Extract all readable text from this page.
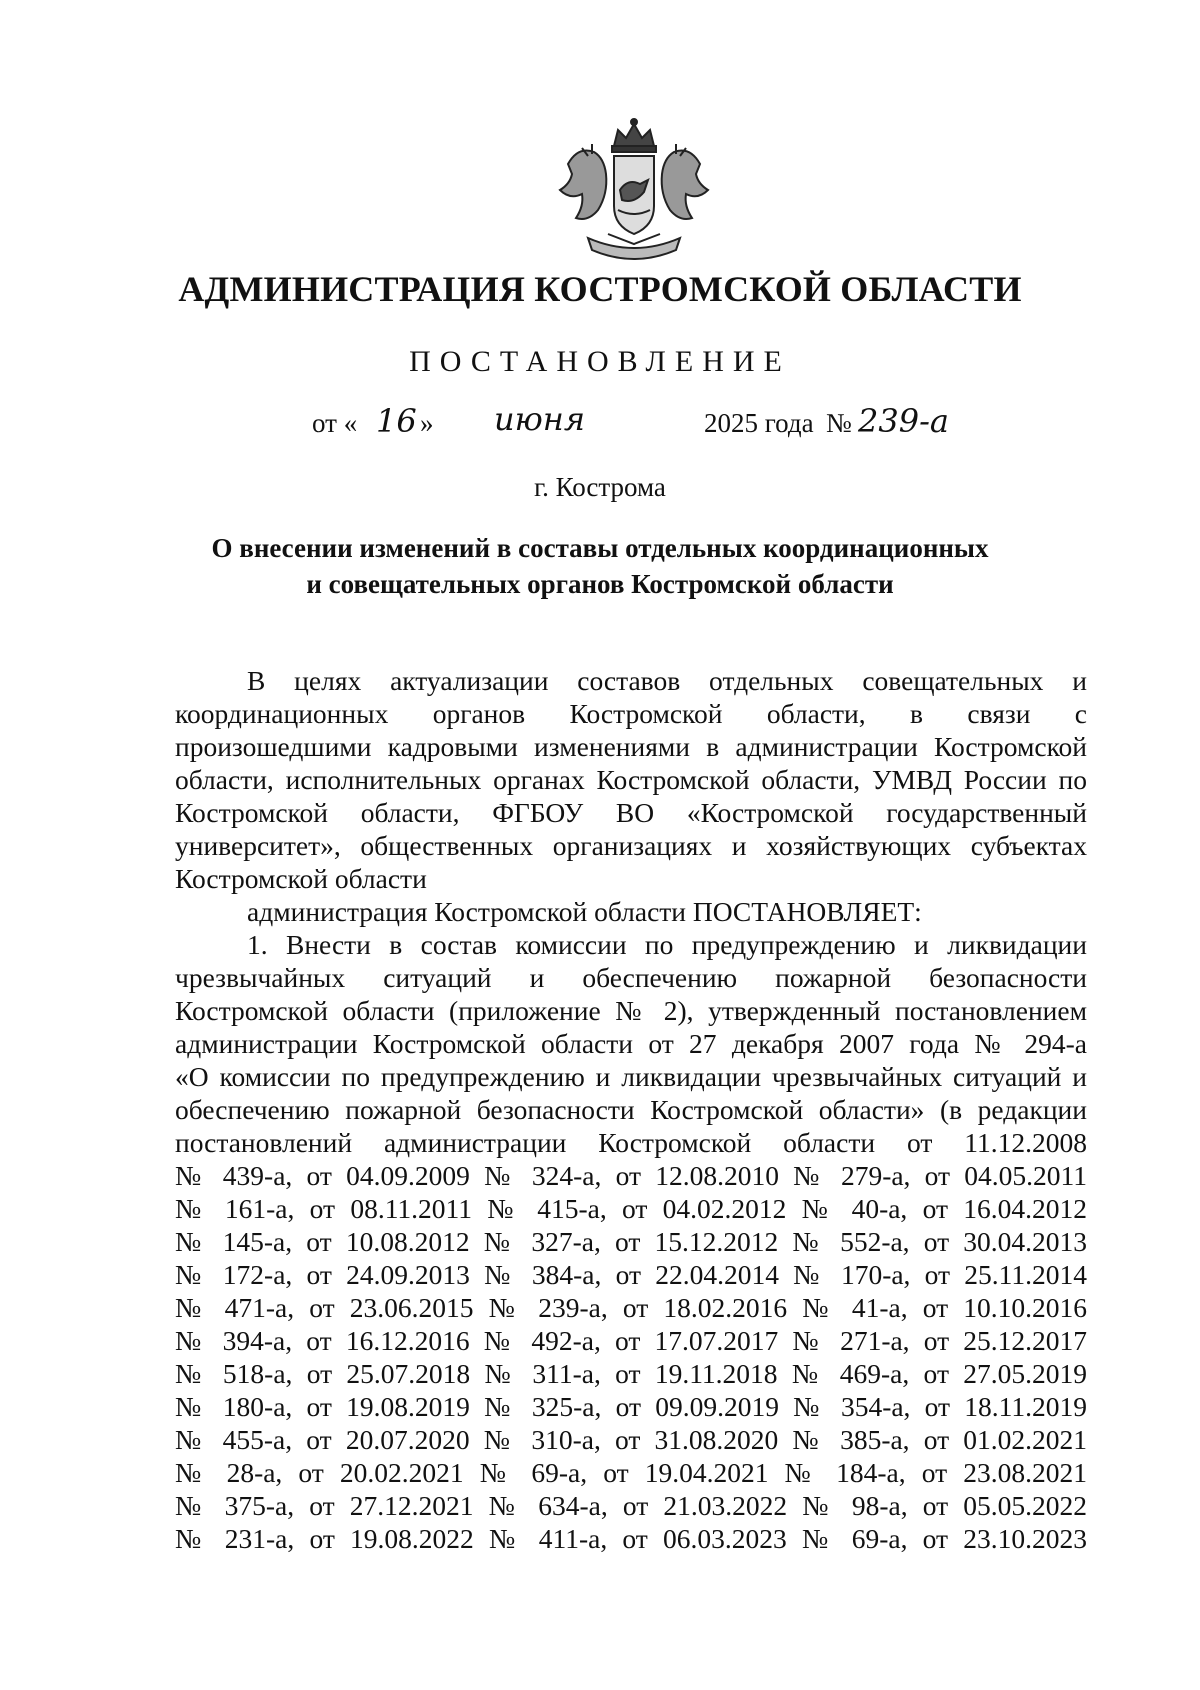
АДМИНИСТРАЦИЯ КОСТРОМСКОЙ ОБЛАСТИ
ПОСТАНОВЛЕНИЕ
от « 16 » июня	2025 года № 239-а
г. Кострома
О внесении изменений в составы отдельных координационных
и совещательных органов Костромской области
В целях актуализации составов отдельных совещательных и
координационных органов Костромской области, в связи с
произошедшими кадровыми изменениями в администрации Костромской
области, исполнительных органах Костромской области, УМВД России по
Костромской области, ФГБОУ ВО «Костромской государственный
университет», общественных организациях и хозяйствующих субъектах
Костромской области
администрация Костромской области ПОСТАНОВЛЯЕТ:
1. Внести в состав комиссии по предупреждению и ликвидации
чрезвычайных ситуаций и обеспечению пожарной безопасности
Костромской области (приложение № 2), утвержденный постановлением
администрации Костромской области от 27 декабря 2007 года № 294-а
«О комиссии по предупреждению и ликвидации чрезвычайных ситуаций и
обеспечению пожарной безопасности Костромской области» (в редакции
постановлений администрации Костромской области от 11.12.2008
№ 439-а, от 04.09.2009 № 324-а, от 12.08.2010 № 279-а, от 04.05.2011
№ 161-а, от 08.11.2011 № 415-а, от 04.02.2012 № 40-а, от 16.04.2012
№ 145-а, от 10.08.2012 № 327-а, от 15.12.2012 № 552-а, от 30.04.2013
№ 172-а, от 24.09.2013 № 384-а, от 22.04.2014 № 170-а, от 25.11.2014
№ 471-а, от 23.06.2015 № 239-а, от 18.02.2016 № 41-а, от 10.10.2016
№ 394-а, от 16.12.2016 № 492-а, от 17.07.2017 № 271-а, от 25.12.2017
№ 518-а, от 25.07.2018 № 311-а, от 19.11.2018 № 469-а, от 27.05.2019
№ 180-а, от 19.08.2019 № 325-а, от 09.09.2019 № 354-а, от 18.11.2019
№ 455-а, от 20.07.2020 № 310-а, от 31.08.2020 № 385-а, от 01.02.2021
№ 28-а, от 20.02.2021 № 69-а, от 19.04.2021 № 184-а, от 23.08.2021
№ 375-а, от 27.12.2021 № 634-а, от 21.03.2022 № 98-а, от 05.05.2022
№ 231-а, от 19.08.2022 № 411-а, от 06.03.2023 № 69-а, от 23.10.2023
